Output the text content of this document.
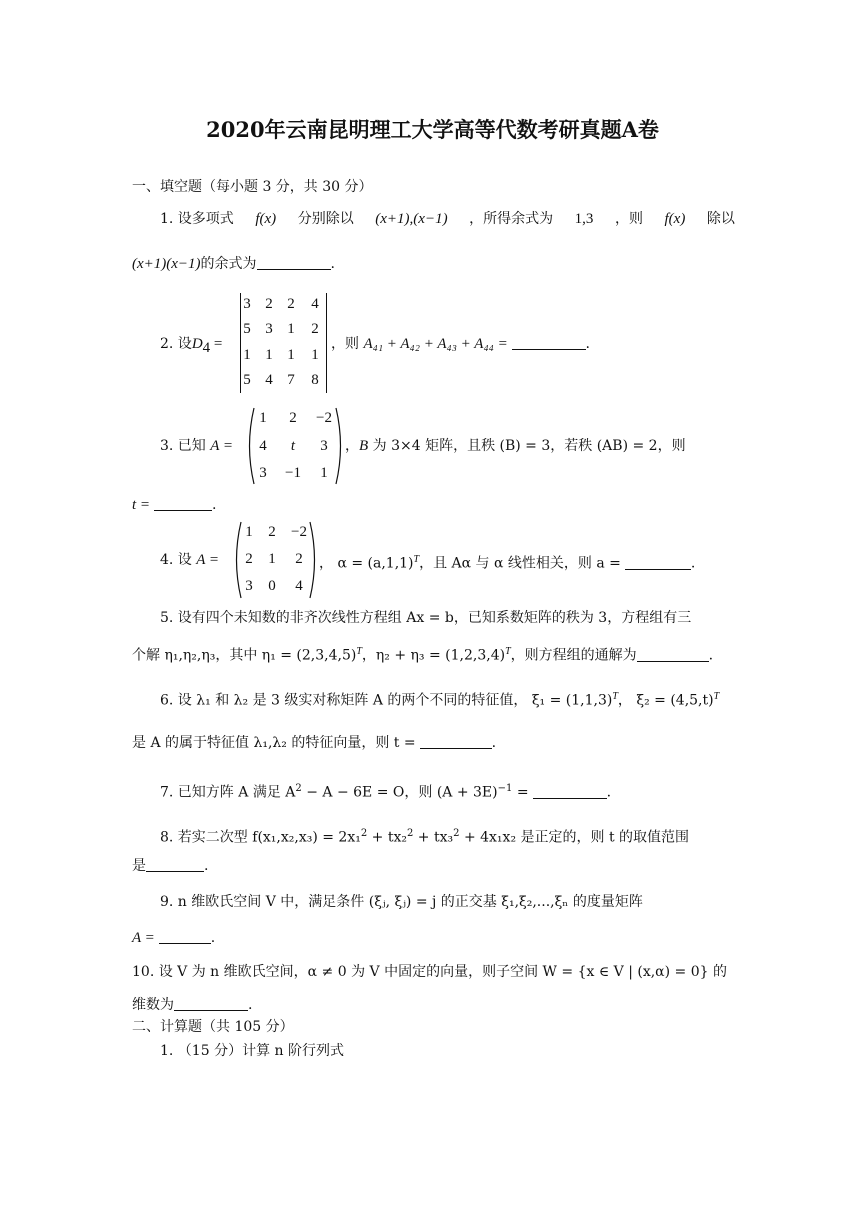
2020年云南昆明理工大学高等代数考研真题A卷
一、填空题（每小题 3 分，共 30 分）
1. 设多项式 f(x) 分别除以 (x+1),(x−1) ，所得余式为 1,3 ，则 f(x) 除以
(x+1)(x−1)的余式为	.
2. 设$D_4$ =
3 2 2	4
5 3 1	2
1 1 1	1
5 4 7	8
，则 A₄₁ + A₄₂ + A₄₃ + A₄₄ =	.
3. 已知 A =
1	2	−2
4	t	3
3	−1	1
，B 为 3×4 矩阵，且秩 (B) = 3，若秩 (AB) = 2，则
t =	.
4. 设 A =
1	2	−2
2	1	2
3	0	4
， $\alpha = (a,1,1)^T$，且 Aα 与 α 线性相关，则 a =	.
5. 设有四个未知数的非齐次线性方程组 Ax = b，已知系数矩阵的秩为 3，方程组有三
个解 η₁,η₂,η₃，其中 $\eta_1 = (2,3,4,5)^T$，$\eta_2 + \eta_3 = (1,2,3,4)^T$，则方程组的通解为	.
6. 设 λ₁ 和 λ₂ 是 3 级实对称矩阵 A 的两个不同的特征值， $\xi_1 = (1,1,3)^T$， $\xi_2 = (4,5,t)^T$
是 A 的属于特征值 λ₁,λ₂ 的特征向量，则 t =	.
7. 已知方阵 A 满足 $A^2 - A - 6E = O$，则 $(A + 3E)^{-1}$ =	.
8. 若实二次型 f(x₁,x₂,x₃) = 2x₁$^2$ + tx₂$^2$ + tx₃$^2$ + 4x₁x₂ 是正定的，则 t 的取值范围
是	.
9. n 维欧氏空间 V 中，满足条件 (ξⱼ, ξⱼ) = j 的正交基 ξ₁,ξ₂,...,ξₙ 的度量矩阵
A =	.
10. 设 V 为 n 维欧氏空间，α ≠ 0 为 V 中固定的向量，则子空间 W = {x ∈ V | (x,α) = 0} 的
维数为	.
二、计算题（共 105 分）
1. （15 分）计算 n 阶行列式
